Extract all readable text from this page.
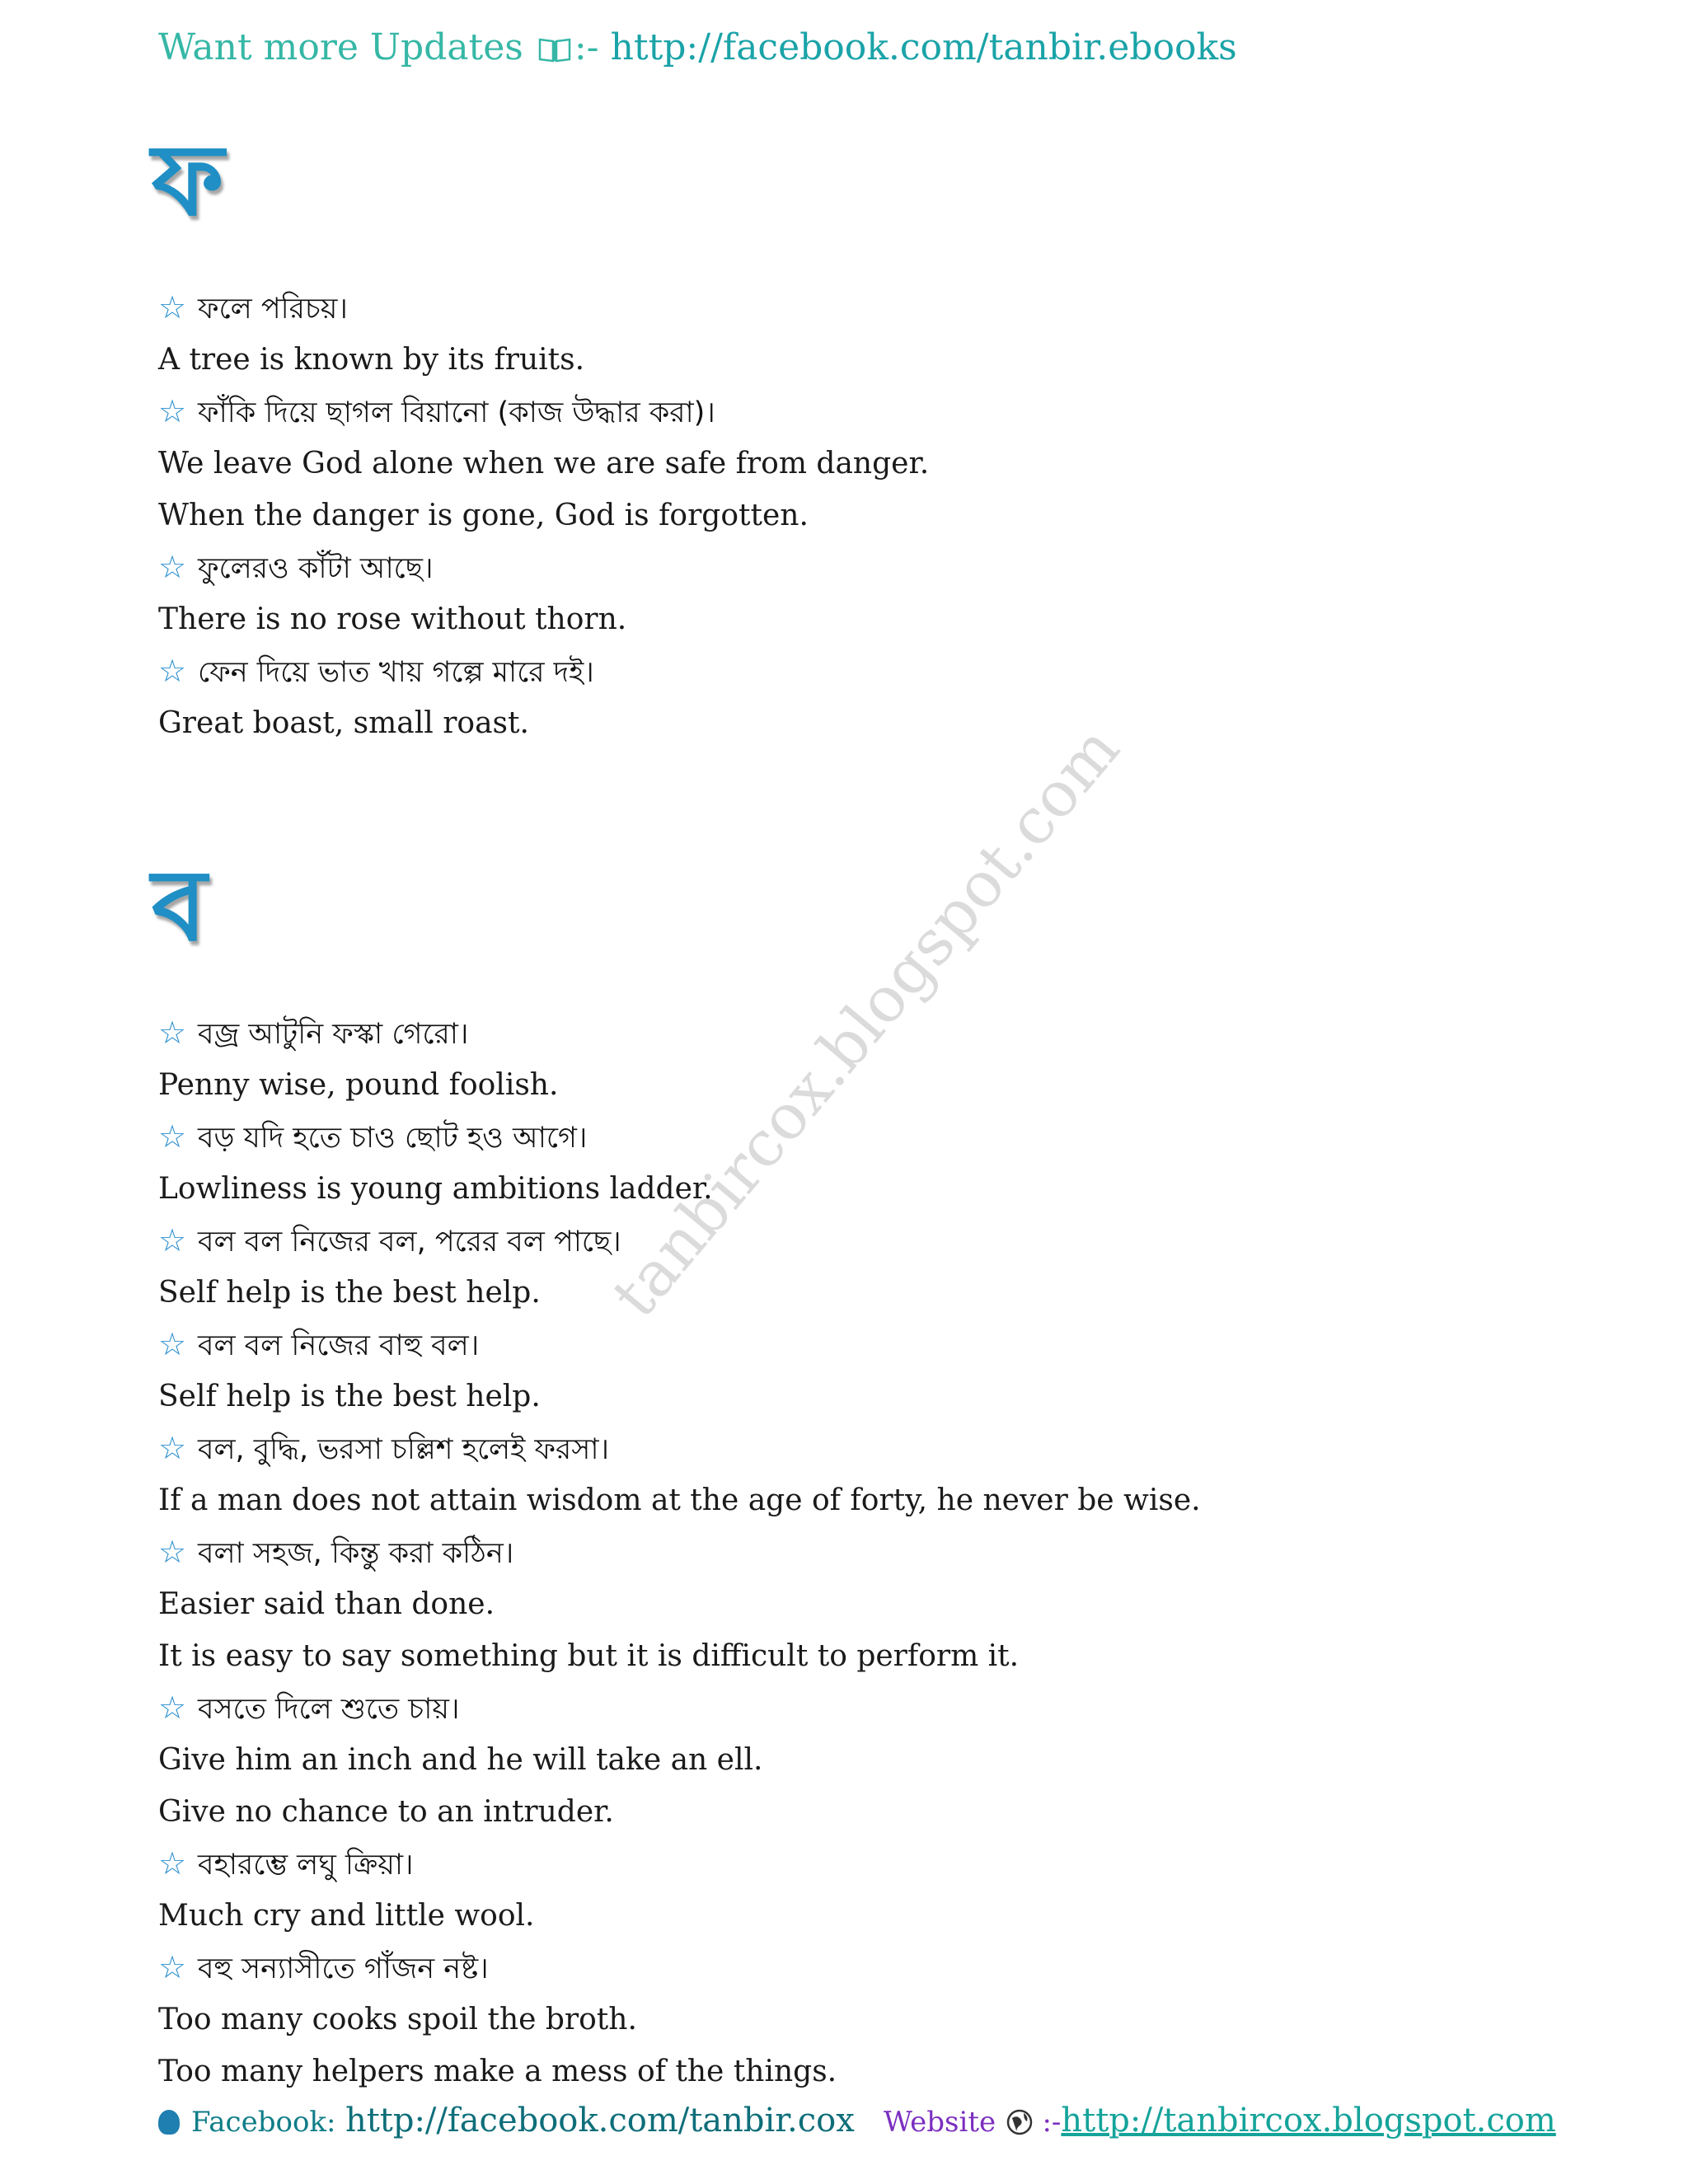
Want more Updates :- http://facebook.com/tanbir.ebooks
ফ
☆ ফলে পরিচয়।
A tree is known by its fruits.
☆ ফাঁকি দিয়ে ছাগল বিয়ানো (কাজ উদ্ধার করা)।
We leave God alone when we are safe from danger.
When the danger is gone, God is forgotten.
☆ ফুলেরও কাঁটা আছে।
There is no rose without thorn.
☆ ফেন দিয়ে ভাত খায় গল্পে মারে দই।
Great boast, small roast.
ব
☆ বজ্র আটুনি ফস্কা গেরো।
Penny wise, pound foolish.
☆ বড় যদি হতে চাও ছোট হও আগে।
Lowliness is young ambitions ladder.
☆ বল বল নিজের বল, পরের বল পাছে।
Self help is the best help.
☆ বল বল নিজের বাহু বল।
Self help is the best help.
☆ বল, বুদ্ধি, ভরসা চল্লিশ হলেই ফরসা।
If a man does not attain wisdom at the age of forty, he never be wise.
☆ বলা সহজ, কিন্তু করা কঠিন।
Easier said than done.
It is easy to say something but it is difficult to perform it.
☆ বসতে দিলে শুতে চায়।
Give him an inch and he will take an ell.
Give no chance to an intruder.
☆ বহারম্ভে লঘু ক্রিয়া।
Much cry and little wool.
☆ বহু সন্যাসীতে গাঁজন নষ্ট।
Too many cooks spoil the broth.
Too many helpers make a mess of the things.
tanbircox.blogspot.com
Facebook: http://facebook.com/tanbir.cox Website :-http://tanbircox.blogspot.com
